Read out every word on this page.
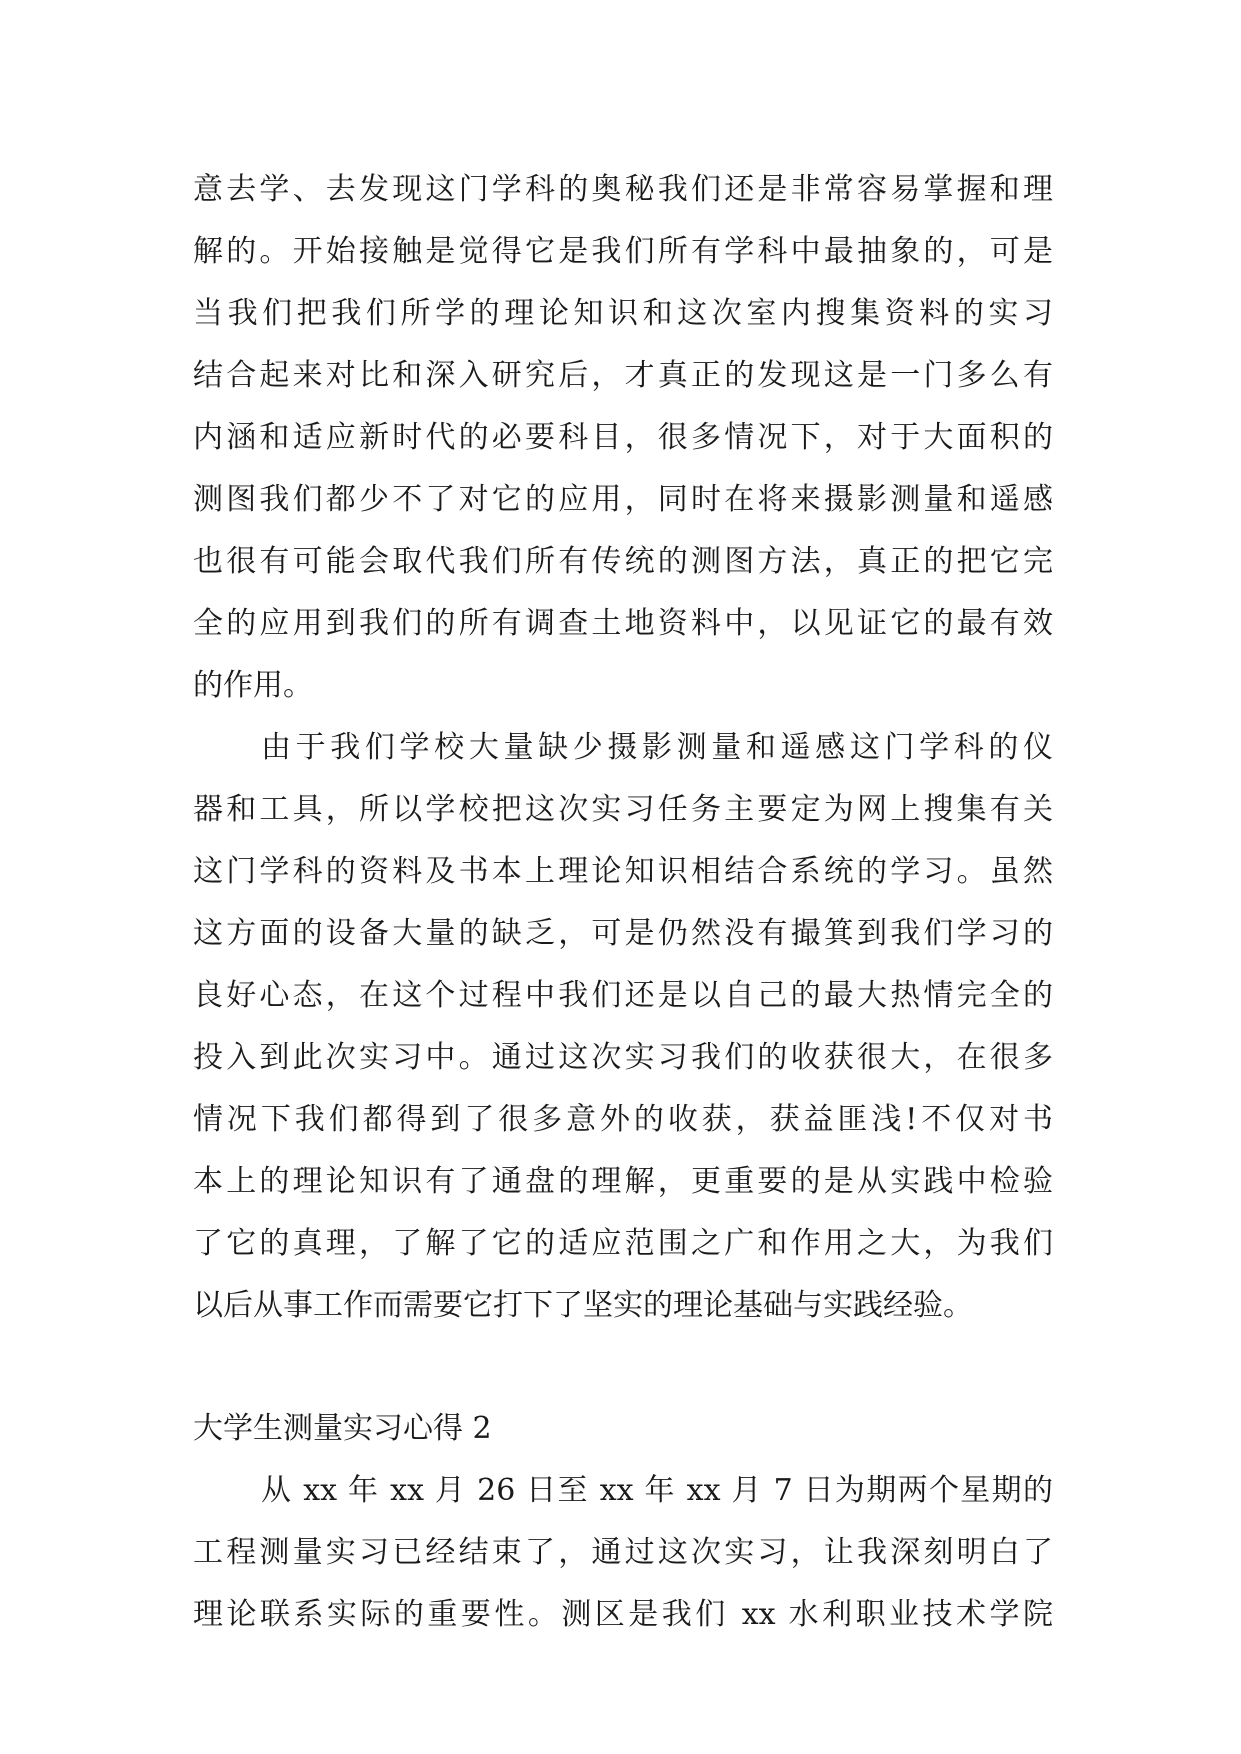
意去学、去发现这门学科的奥秘我们还是非常容易掌握和理
解的。开始接触是觉得它是我们所有学科中最抽象的，可是
当我们把我们所学的理论知识和这次室内搜集资料的实习
结合起来对比和深入研究后，才真正的发现这是一门多么有
内涵和适应新时代的必要科目，很多情况下，对于大面积的
测图我们都少不了对它的应用，同时在将来摄影测量和遥感
也很有可能会取代我们所有传统的测图方法，真正的把它完
全的应用到我们的所有调查土地资料中，以见证它的最有效
的作用。
由于我们学校大量缺少摄影测量和遥感这门学科的仪
器和工具，所以学校把这次实习任务主要定为网上搜集有关
这门学科的资料及书本上理论知识相结合系统的学习。虽然
这方面的设备大量的缺乏，可是仍然没有撮箕到我们学习的
良好心态，在这个过程中我们还是以自己的最大热情完全的
投入到此次实习中。通过这次实习我们的收获很大，在很多
情况下我们都得到了很多意外的收获，获益匪浅!不仅对书
本上的理论知识有了通盘的理解，更重要的是从实践中检验
了它的真理，了解了它的适应范围之广和作用之大，为我们
以后从事工作而需要它打下了坚实的理论基础与实践经验。
大学生测量实习心得 2
从 xx 年 xx 月 26 日至 xx 年 xx 月 7 日为期两个星期的
工程测量实习已经结束了，通过这次实习，让我深刻明白了
理论联系实际的重要性。测区是我们 xx 水利职业技术学院
